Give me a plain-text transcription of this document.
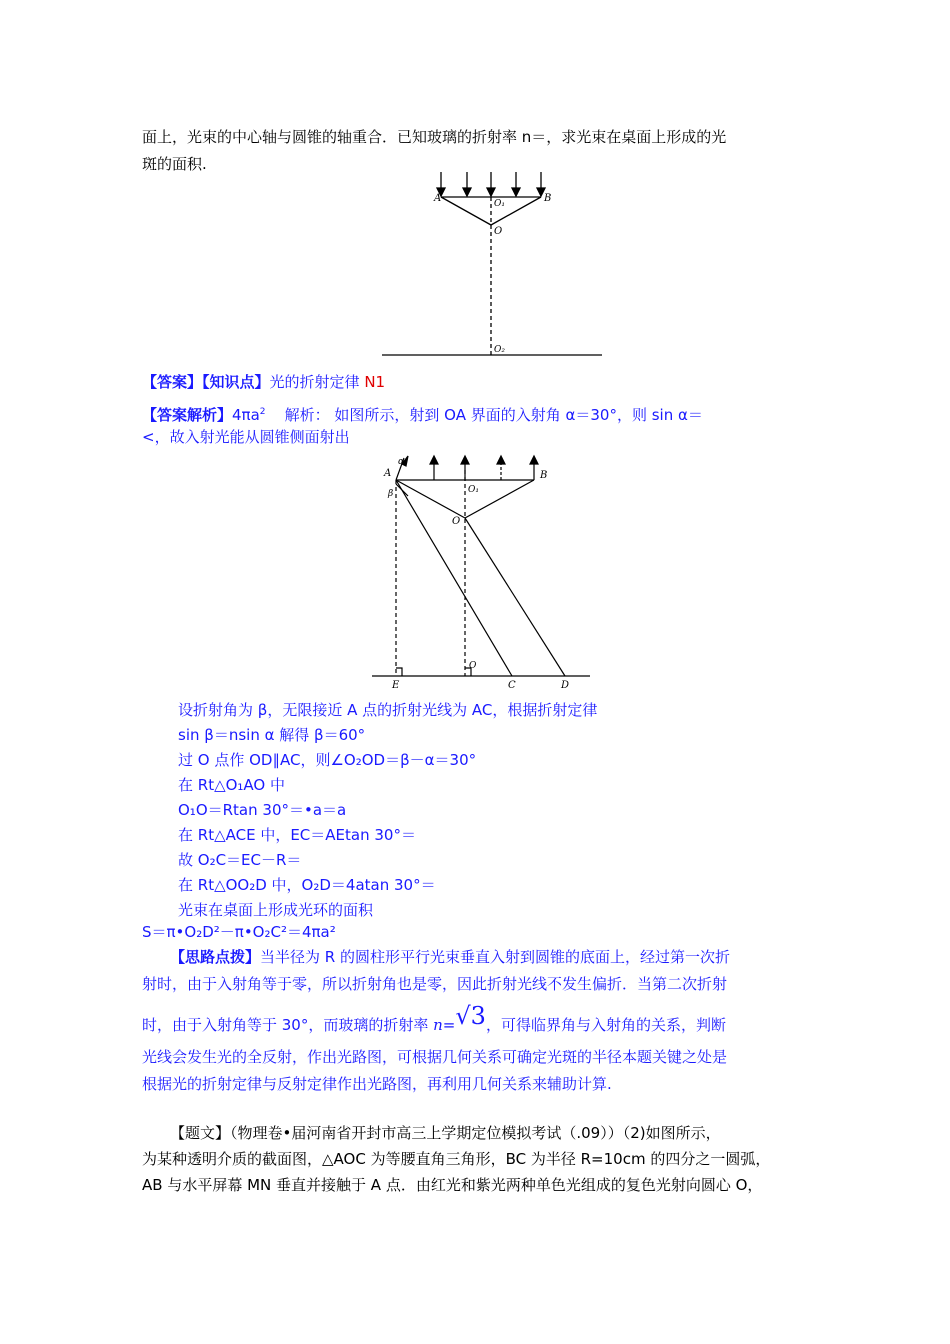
面上，光束的中心轴与圆锥的轴重合．已知玻璃的折射率 n＝，求光束在桌面上形成的光
斑的面积.
A	O₁	B
O
O₂
【答案】【知识点】光的折射定律 N1
【答案解析】$4\pi a^2$ 解析： 如图所示，射到 OA 界面的入射角 α＝30°，则 sin α＝
<，故入射光能从圆锥侧面射出
A
α
β	O₁
B
O
O
E	C	D
设折射角为 β，无限接近 A 点的折射光线为 AC，根据折射定律
sin β＝nsin α 解得 β＝60°
过 O 点作 OD∥AC，则∠O₂OD＝β－α＝30°
在 Rt△O₁AO 中
O₁O＝Rtan 30°＝•a＝a
在 Rt△ACE 中，EC＝AEtan 30°＝
故 O₂C＝EC－R＝
在 Rt△OO₂D 中，O₂D＝4atan 30°＝
光束在桌面上形成光环的面积
S＝π•O₂D²－π•O₂C²＝4πa²
【思路点拨】当半径为 R 的圆柱形平行光束垂直入射到圆锥的底面上，经过第一次折
射时，由于入射角等于零，所以折射角也是零，因此折射光线不发生偏折．当第二次折射
时，由于入射角等于 30°，而玻璃的折射率 n=√3，可得临界角与入射角的关系，判断
光线会发生光的全反射，作出光路图，可根据几何关系可确定光斑的半径本题关键之处是
根据光的折射定律与反射定律作出光路图，再利用几何关系来辅助计算.
【题文】（物理卷•届河南省开封市高三上学期定位模拟考试（.09））（2)如图所示，
为某种透明介质的截面图，△AOC 为等腰直角三角形，BC 为半径 R=10cm 的四分之一圆弧，
AB 与水平屏幕 MN 垂直并接触于 A 点．由红光和紫光两种单色光组成的复色光射向圆心 O，
